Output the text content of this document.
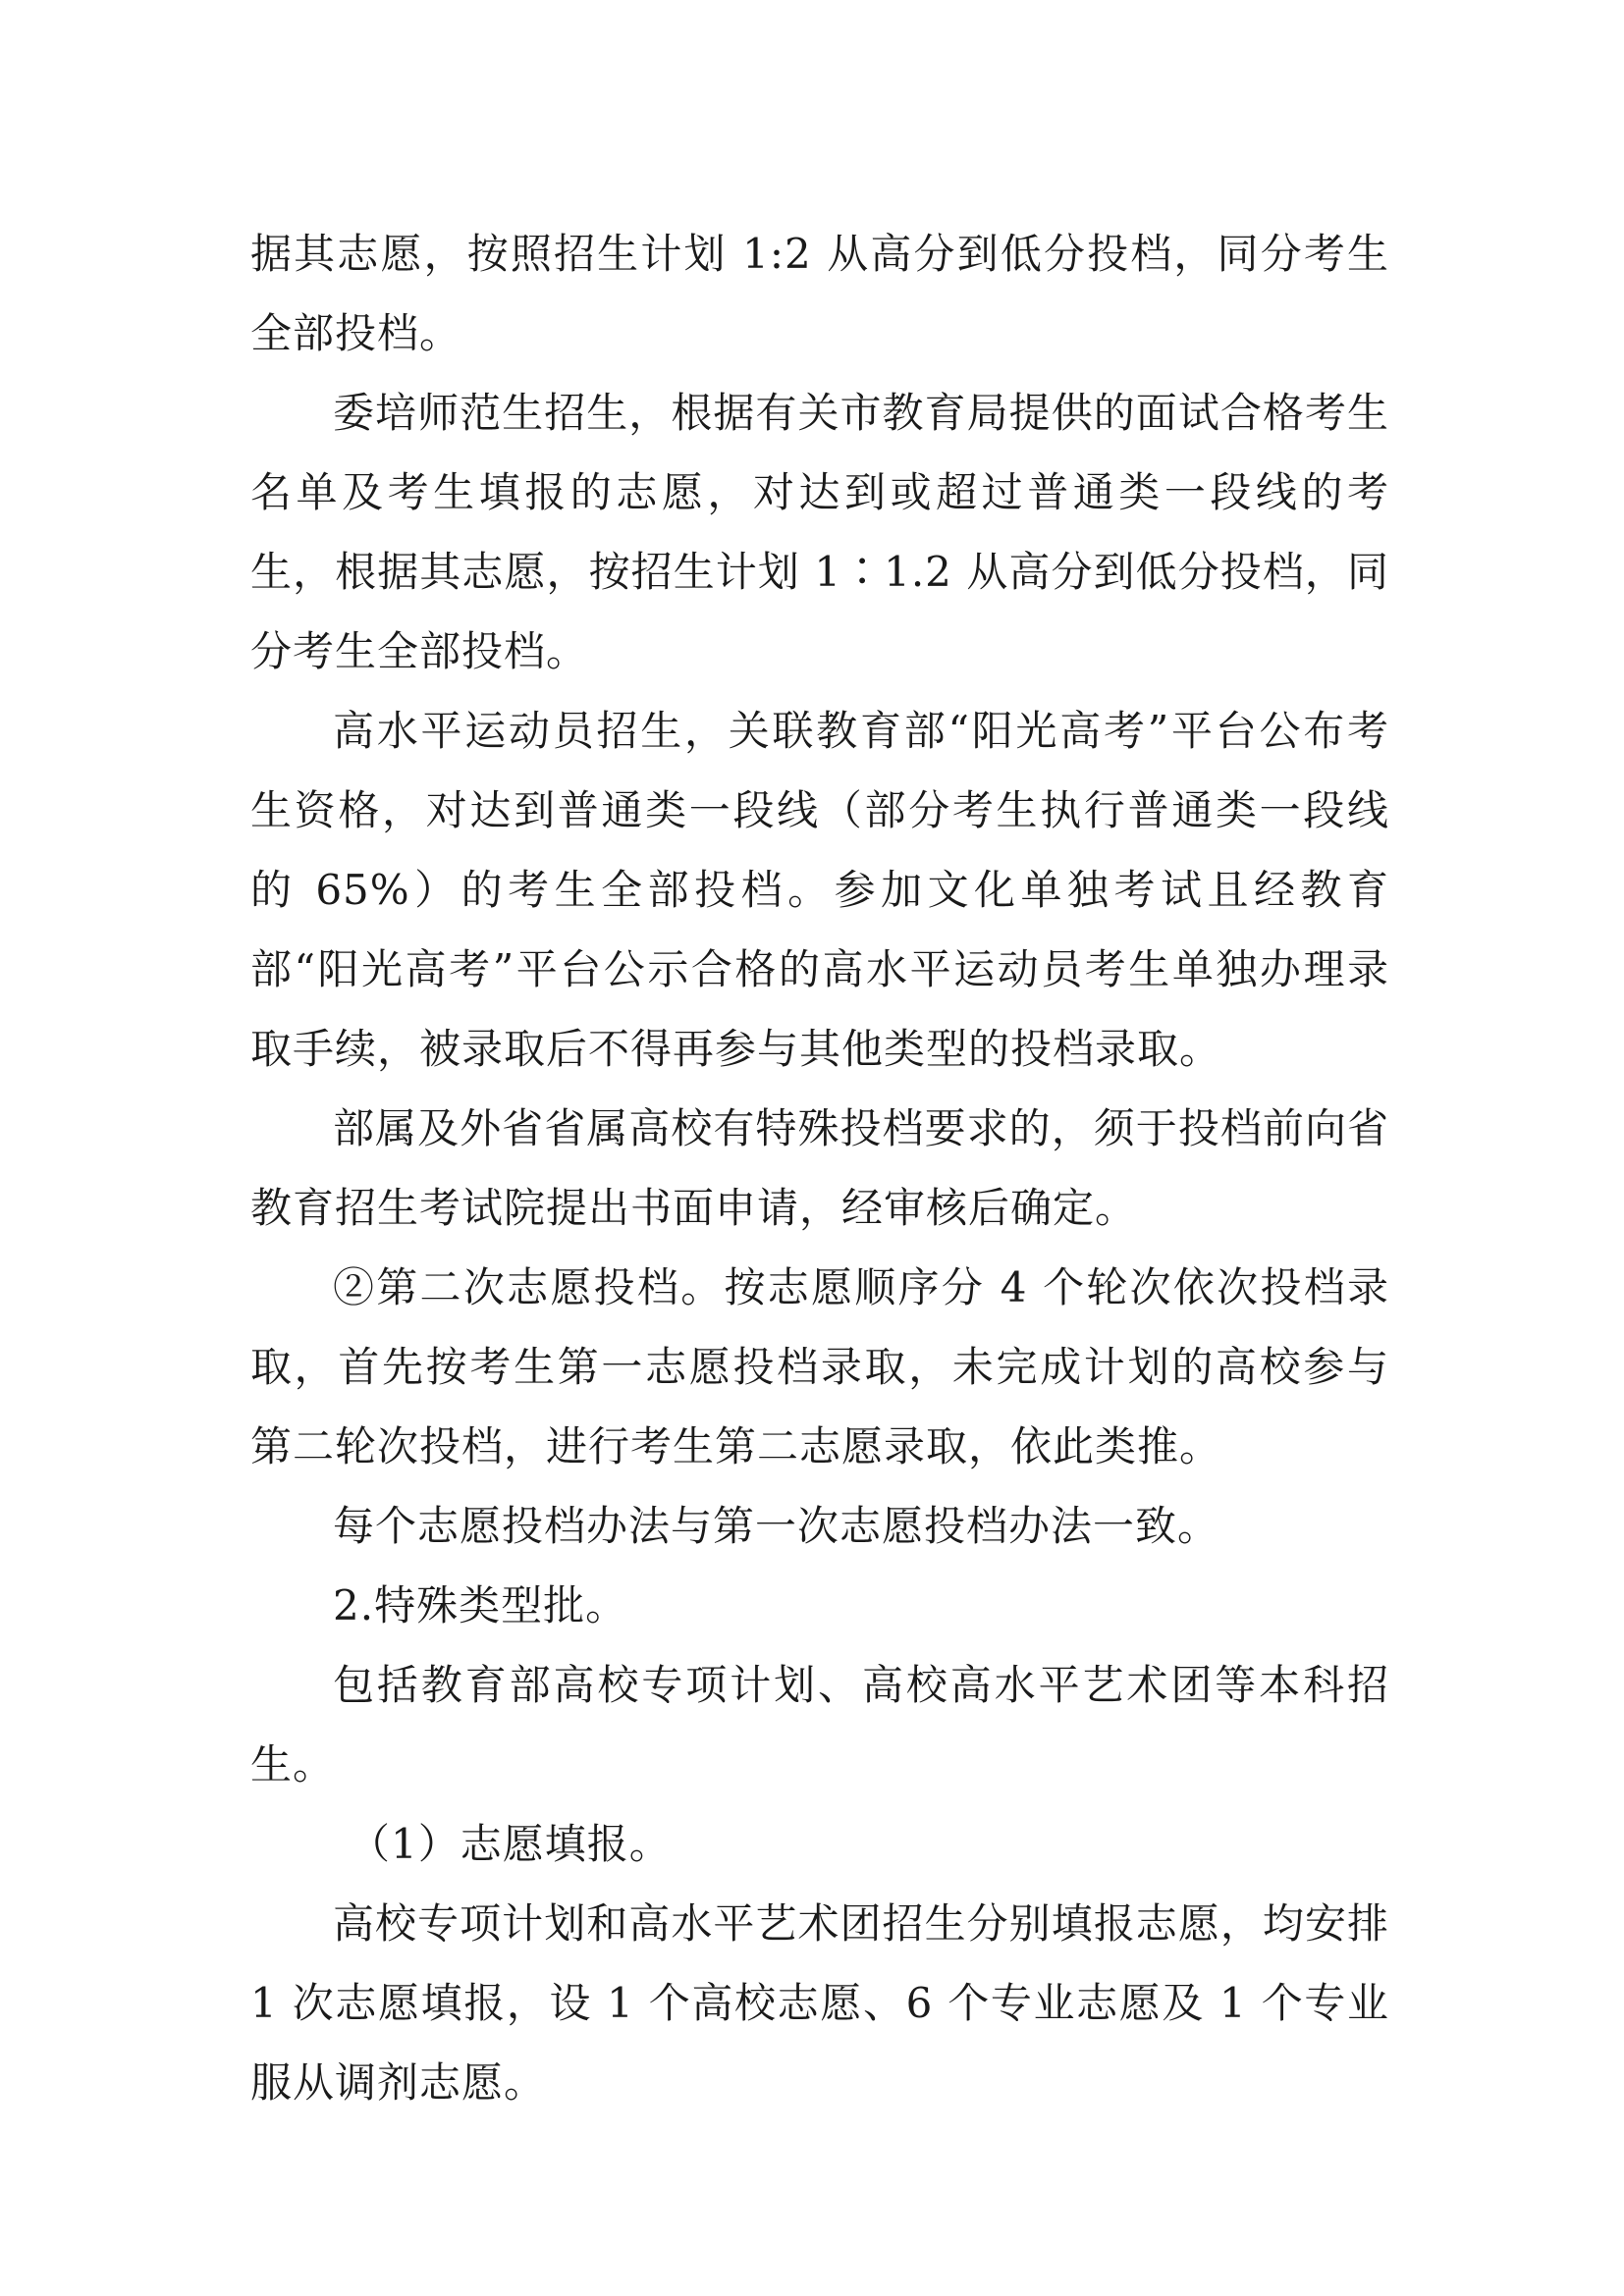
据其志愿，按照招生计划 1:2 从高分到低分投档，同分考生全部投档。

委培师范生招生，根据有关市教育局提供的面试合格考生名单及考生填报的志愿，对达到或超过普通类一段线的考生，根据其志愿，按招生计划 1∶1.2 从高分到低分投档，同分考生全部投档。

高水平运动员招生，关联教育部“阳光高考”平台公布考生资格，对达到普通类一段线（部分考生执行普通类一段线的 65%）的考生全部投档。参加文化单独考试且经教育部“阳光高考”平台公示合格的高水平运动员考生单独办理录取手续，被录取后不得再参与其他类型的投档录取。

部属及外省省属高校有特殊投档要求的，须于投档前向省教育招生考试院提出书面申请，经审核后确定。

②第二次志愿投档。按志愿顺序分 4 个轮次依次投档录取，首先按考生第一志愿投档录取，未完成计划的高校参与第二轮次投档，进行考生第二志愿录取，依此类推。

每个志愿投档办法与第一次志愿投档办法一致。

2.特殊类型批。

包括教育部高校专项计划、高校高水平艺术团等本科招生。

（1）志愿填报。

高校专项计划和高水平艺术团招生分别填报志愿，均安排 1 次志愿填报，设 1 个高校志愿、6 个专业志愿及 1 个专业服从调剂志愿。
